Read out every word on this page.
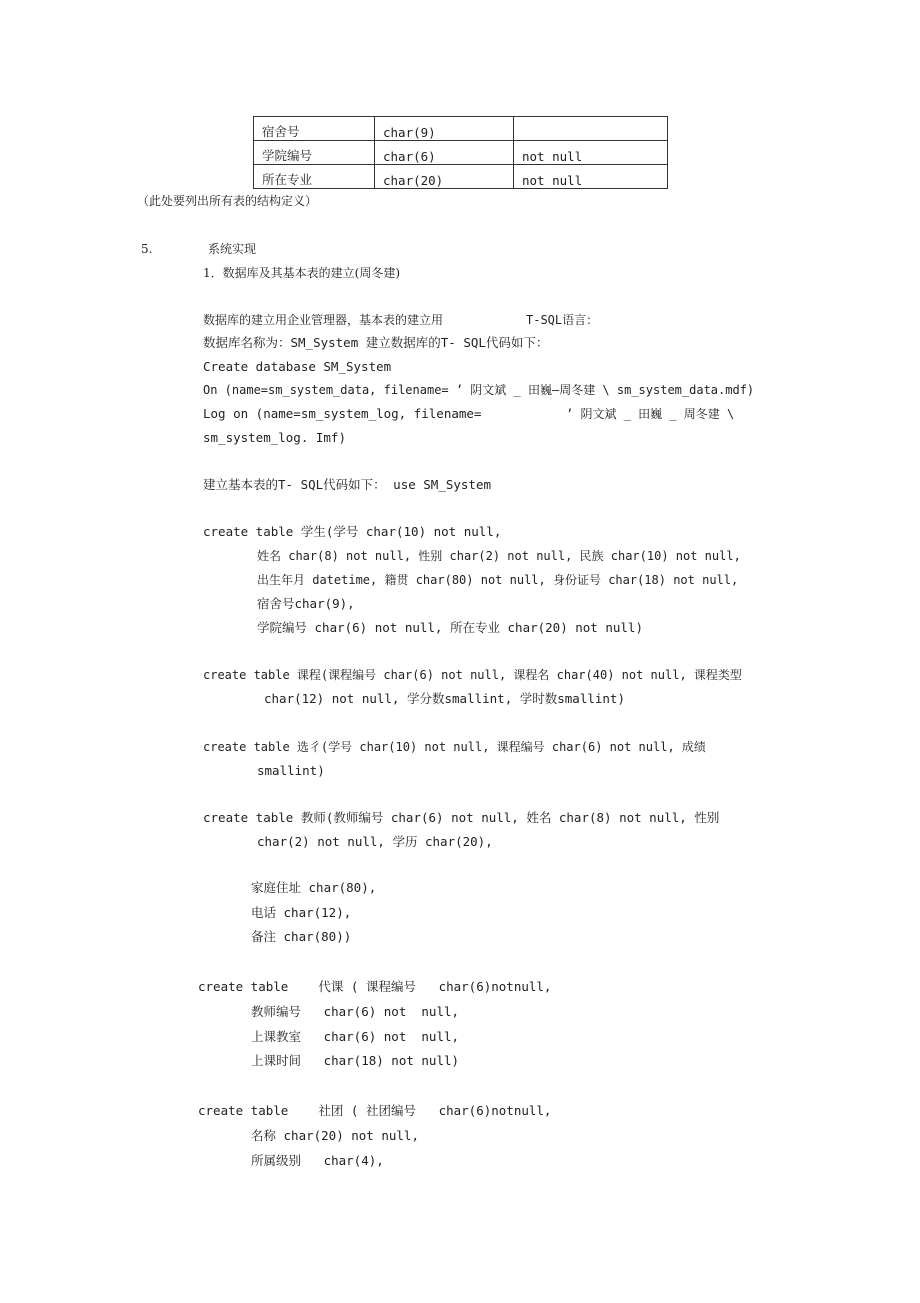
宿舍号	char(9)	
学院编号	char(6)	not null
所在专业	char(20)	not null
（此处要列出所有表的结构定义）
5.	系统实现
1．数据库及其基本表的建立(周冬建)
数据库的建立用企业管理器，基本表的建立用	T-SQL语言：
数据库名称为：SM_System 建立数据库的T- SQL代码如下：
Create database SM_System
On (name=sm_system_data, filename= ’ 阴文斌 _ 田巍—周冬建 \ sm_system_data.mdf)
Log on (name=sm_system_log, filename=	’ 阴文斌 _ 田巍 _ 周冬建 \
sm_system_log. Imf)
建立基本表的T- SQL代码如下： use SM_System
create table 学生(学号 char(10) not null,
姓名 char(8) not null, 性别 char(2) not null, 民族 char(10) not null,
出生年月 datetime, 籍贯 char(80) not null, 身份证号 char(18) not null,
宿舍号char(9),
学院编号 char(6) not null, 所在专业 char(20) not null)
create table 课程(课程编号 char(6) not null, 课程名 char(40) not null, 课程类型
char(12) not null, 学分数smallint, 学时数smallint)
create table 选彳(学号 char(10) not null, 课程编号 char(6) not null, 成绩
smallint)
create table 教师(教师编号 char(6) not null, 姓名 char(8) not null, 性别
char(2) not null, 学历 char(20),
家庭住址 char(80),
电话 char(12),
备注 char(80))
create table    代课 ( 课程编号   char(6)notnull,
教师编号   char(6) not  null,
上课教室   char(6) not  null,
上课时间   char(18) not null)
create table    社团 ( 社团编号   char(6)notnull,
名称 char(20) not null,
所属级别   char(4),
